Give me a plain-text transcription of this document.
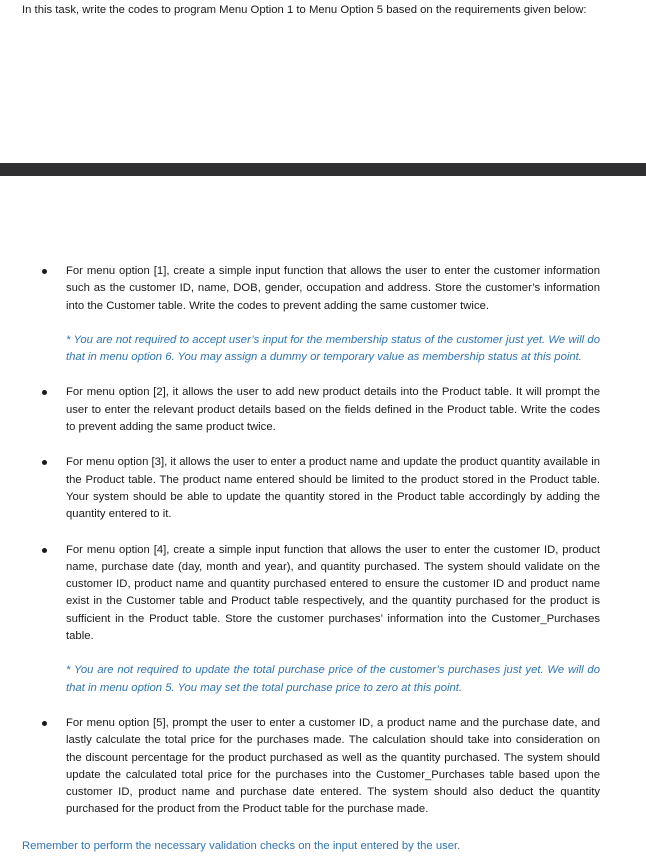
In this task, write the codes to program Menu Option 1 to Menu Option 5 based on the requirements given below:
For menu option [1], create a simple input function that allows the user to enter the customer information such as the customer ID, name, DOB, gender, occupation and address. Store the customer’s information into the Customer table. Write the codes to prevent adding the same customer twice.
* You are not required to accept user’s input for the membership status of the customer just yet. We will do that in menu option 6. You may assign a dummy or temporary value as membership status at this point.
For menu option [2], it allows the user to add new product details into the Product table. It will prompt the user to enter the relevant product details based on the fields defined in the Product table. Write the codes to prevent adding the same product twice.
For menu option [3], it allows the user to enter a product name and update the product quantity available in the Product table. The product name entered should be limited to the product stored in the Product table. Your system should be able to update the quantity stored in the Product table accordingly by adding the quantity entered to it.
For menu option [4], create a simple input function that allows the user to enter the customer ID, product name, purchase date (day, month and year), and quantity purchased. The system should validate on the customer ID, product name and quantity purchased entered to ensure the customer ID and product name exist in the Customer table and Product table respectively, and the quantity purchased for the product is sufficient in the Product table. Store the customer purchases’ information into the Customer_Purchases table.
* You are not required to update the total purchase price of the customer’s purchases just yet. We will do that in menu option 5. You may set the total purchase price to zero at this point.
For menu option [5], prompt the user to enter a customer ID, a product name and the purchase date, and lastly calculate the total price for the purchases made. The calculation should take into consideration on the discount percentage for the product purchased as well as the quantity purchased. The system should update the calculated total price for the purchases into the Customer_Purchases table based upon the customer ID, product name and purchase date entered. The system should also deduct the quantity purchased for the product from the Product table for the purchase made.
Remember to perform the necessary validation checks on the input entered by the user.
